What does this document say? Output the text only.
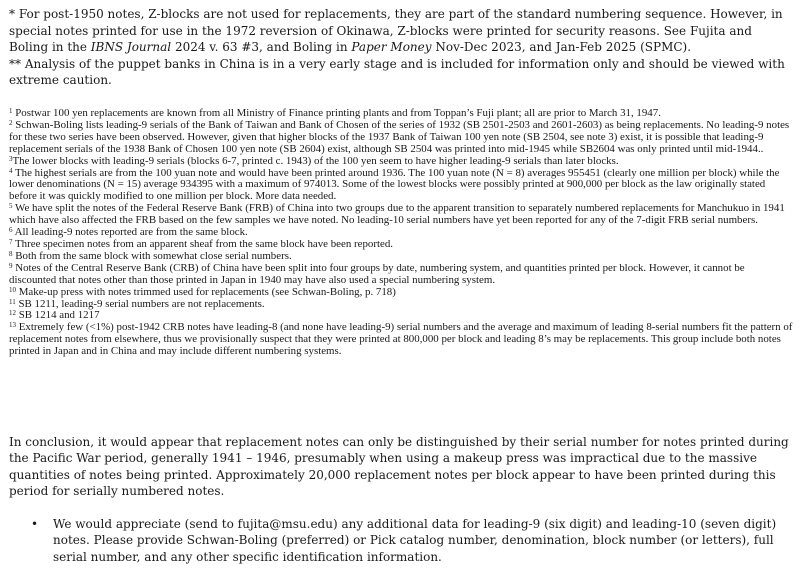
* For post-1950 notes, Z-blocks are not used for replacements, they are part of the standard numbering sequence. However, in special notes printed for use in the 1972 reversion of Okinawa, Z-blocks were printed for security reasons. See Fujita and Boling in the IBNS Journal 2024 v. 63 #3, and Boling in Paper Money Nov-Dec 2023, and Jan-Feb 2025 (SPMC).

** Analysis of the puppet banks in China is in a very early stage and is included for information only and should be viewed with extreme caution.

$^1$ Postwar 100 yen replacements are known from all Ministry of Finance printing plants and from Toppan’s Fuji plant; all are prior to March 31, 1947.

$^2$ Schwan-Boling lists leading-9 serials of the Bank of Taiwan and Bank of Chosen of the series of 1932 (SB 2501-2503 and 2601-2603) as being replacements. No leading-9 notes for these two series have been observed. However, given that higher blocks of the 1937 Bank of Taiwan 100 yen note (SB 2504, see note 3) exist, it is possible that leading-9 replacement serials of the 1938 Bank of Chosen 100 yen note (SB 2604) exist, although SB 2504 was printed into mid-1945 while SB2604 was only printed until mid-1944..

$^3$The lower blocks with leading-9 serials (blocks 6-7, printed c. 1943) of the 100 yen seem to have higher leading-9 serials than later blocks.

$^4$ The highest serials are from the 100 yuan note and would have been printed around 1936. The 100 yuan note (N = 8) averages 955451 (clearly one million per block) while the lower denominations (N = 15) average 934395 with a maximum of 974013. Some of the lowest blocks were possibly printed at 900,000 per block as the law originally stated before it was quickly modified to one million per block. More data needed.

$^5$ We have split the notes of the Federal Reserve Bank (FRB) of China into two groups due to the apparent transition to separately numbered replacements for Manchukuo in 1941 which have also affected the FRB based on the few samples we have noted. No leading-10 serial numbers have yet been reported for any of the 7-digit FRB serial numbers.

$^6$ All leading-9 notes reported are from the same block.

$^7$ Three specimen notes from an apparent sheaf from the same block have been reported.

$^8$ Both from the same block with somewhat close serial numbers.

$^9$ Notes of the Central Reserve Bank (CRB) of China have been split into four groups by date, numbering system, and quantities printed per block. However, it cannot be discounted that notes other than those printed in Japan in 1940 may have also used a special numbering system.

$^{10}$ Make-up press with notes trimmed used for replacements (see Schwan-Boling, p. 718)

$^{11}$ SB 1211, leading-9 serial numbers are not replacements.

$^{12}$ SB 1214 and 1217

$^{13}$ Extremely few (<1%) post-1942 CRB notes have leading-8 (and none have leading-9) serial numbers and the average and maximum of leading 8-serial numbers fit the pattern of replacement notes from elsewhere, thus we provisionally suspect that they were printed at 800,000 per block and leading 8’s may be replacements. This group include both notes printed in Japan and in China and may include different numbering systems.

In conclusion, it would appear that replacement notes can only be distinguished by their serial number for notes printed during the Pacific War period, generally 1941 – 1946, presumably when using a makeup press was impractical due to the massive quantities of notes being printed. Approximately 20,000 replacement notes per block appear to have been printed during this period for serially numbered notes.

•	We would appreciate (send to fujita@msu.edu) any additional data for leading-9 (six digit) and leading-10 (seven digit) notes. Please provide Schwan-Boling (preferred) or Pick catalog number, denomination, block number (or letters), full serial number, and any other specific identification information.
